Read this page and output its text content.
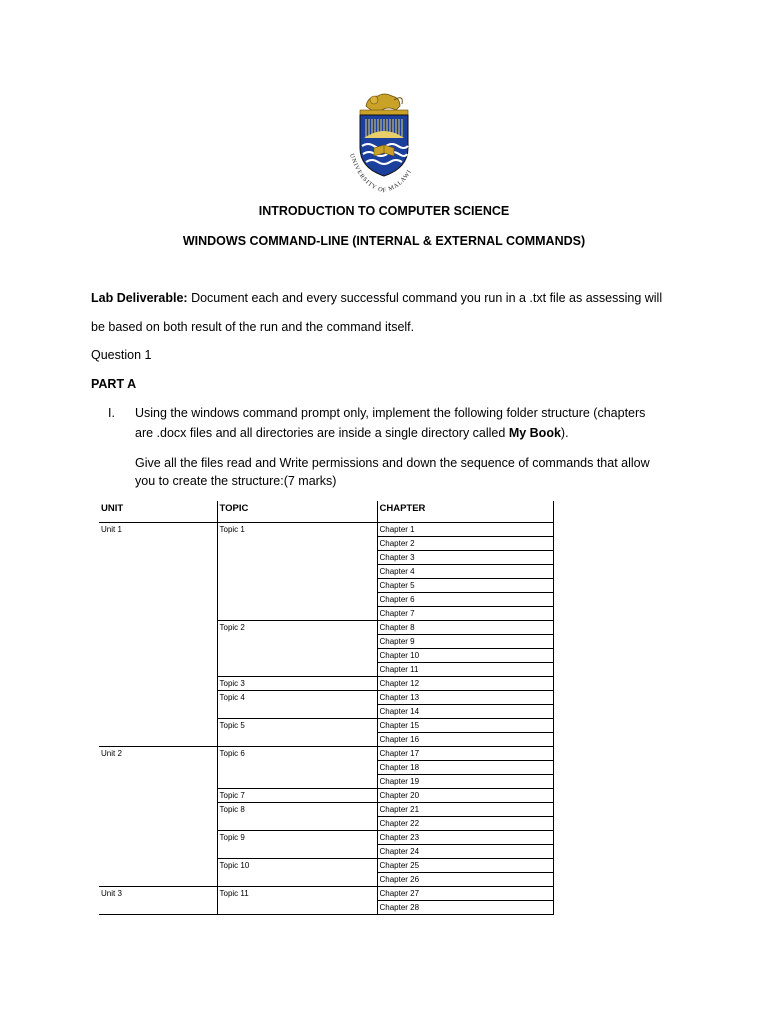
UNIVERSITY OF MALAWI
INTRODUCTION TO COMPUTER SCIENCE
WINDOWS COMMAND-LINE (INTERNAL & EXTERNAL COMMANDS)
Lab Deliverable: Document each and every successful command you run in a .txt file as assessing will
be based on both result of the run and the command itself.
Question 1
PART A
I. Using the windows command prompt only, implement the following folder structure (chapters
are .docx files and all directories are inside a single directory called My Book).
Give all the files read and Write permissions and down the sequence of commands that allow
you to create the structure:(7 marks)
UNIT	TOPIC	CHAPTER
Unit 1	Topic 1	Chapter 1
		Chapter 2
		Chapter 3
		Chapter 4
		Chapter 5
		Chapter 6
		Chapter 7
	Topic 2	Chapter 8
		Chapter 9
		Chapter 10
		Chapter 11
	Topic 3	Chapter 12
	Topic 4	Chapter 13
		Chapter 14
	Topic 5	Chapter 15
		Chapter 16
Unit 2	Topic 6	Chapter 17
		Chapter 18
		Chapter 19
	Topic 7	Chapter 20
	Topic 8	Chapter 21
		Chapter 22
	Topic 9	Chapter 23
		Chapter 24
	Topic 10	Chapter 25
		Chapter 26
Unit 3	Topic 11	Chapter 27
		Chapter 28
